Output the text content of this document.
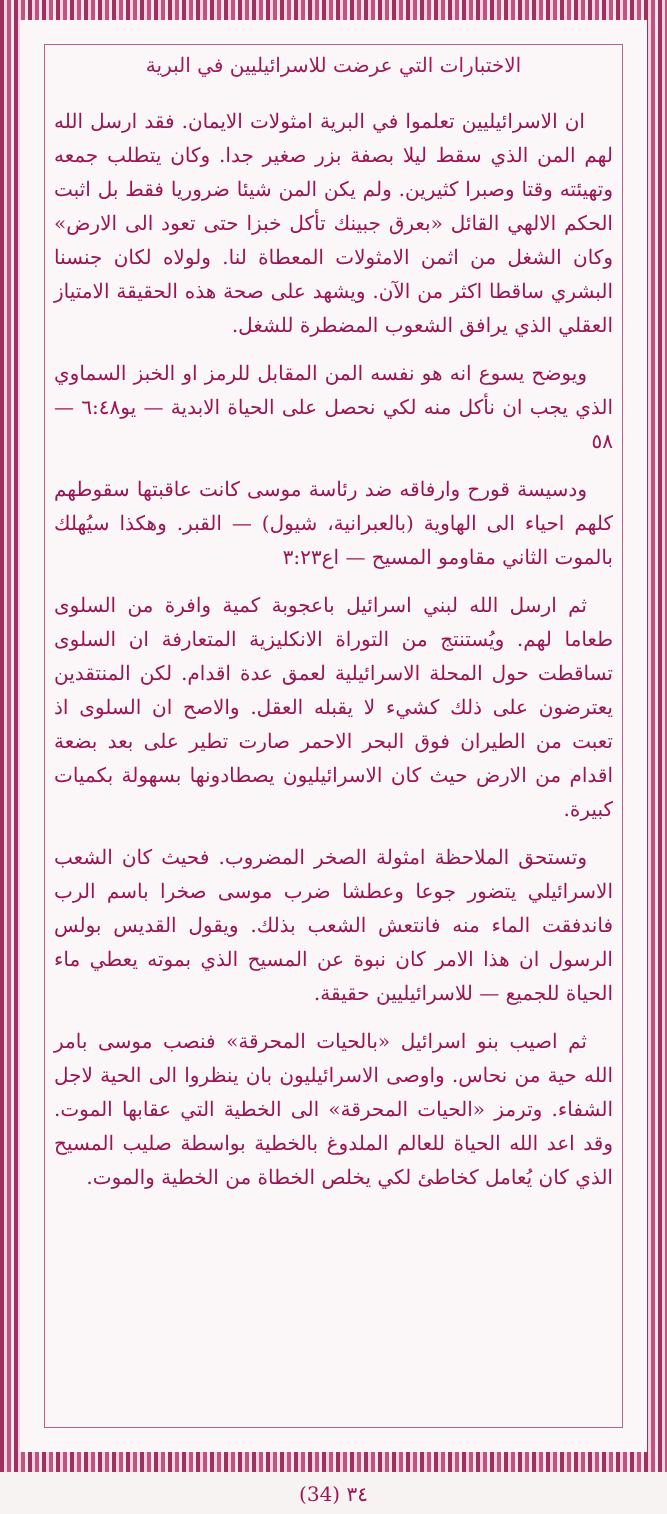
الاختبارات التي عرضت للاسرائيليين في البرية

ان الاسرائيليين تعلموا في البرية امثولات الايمان. فقد ارسل الله لهم المن الذي سقط ليلا بصفة بزر صغير جدا. وكان يتطلب جمعه وتهيئته وقتا وصبرا كثيرين. ولم يكن المن شيئا ضروريا فقط بل اثبت الحكم الالهي القائل «بعرق جبينك تأكل خبزا حتى تعود الى الارض» وكان الشغل من اثمن الامثولات المعطاة لنا. ولولاه لكان جنسنا البشري ساقطا اكثر من الآن. ويشهد على صحة هذه الحقيقة الامتياز العقلي الذي يرافق الشعوب المضطرة للشغل.

ويوضح يسوع انه هو نفسه المن المقابل للرمز او الخبز السماوي الذي يجب ان نأكل منه لكي نحصل على الحياة الابدية — يو٦:٤٨ — ٥٨

ودسيسة قورح وارفاقه ضد رئاسة موسى كانت عاقبتها سقوطهم كلهم احياء الى الهاوية (بالعبرانية، شيول) — القبر. وهكذا سيُهلك بالموت الثاني مقاومو المسيح — اع٣:٢٣

ثم ارسل الله لبني اسرائيل باعجوبة كمية وافرة من السلوى طعاما لهم. ويُستنتج من التوراة الانكليزية المتعارفة ان السلوى تساقطت حول المحلة الاسرائيلية لعمق عدة اقدام. لكن المنتقدين يعترضون على ذلك كشيء لا يقبله العقل. والاصح ان السلوى اذ تعبت من الطيران فوق البحر الاحمر صارت تطير على بعد بضعة اقدام من الارض حيث كان الاسرائيليون يصطادونها بسهولة بكميات كبيرة.

وتستحق الملاحظة امثولة الصخر المضروب. فحيث كان الشعب الاسرائيلي يتضور جوعا وعطشا ضرب موسى صخرا باسم الرب فاندفقت الماء منه فانتعش الشعب بذلك. ويقول القديس بولس الرسول ان هذا الامر كان نبوة عن المسيح الذي بموته يعطي ماء الحياة للجميع — للاسرائيليين حقيقة.

ثم اصيب بنو اسرائيل «بالحيات المحرقة» فنصب موسى بامر الله حية من نحاس. واوصى الاسرائيليون بان ينظروا الى الحية لاجل الشفاء. وترمز «الحيات المحرقة» الى الخطية التي عقابها الموت. وقد اعد الله الحياة للعالم الملدوغ بالخطية بواسطة صليب المسيح الذي كان يُعامل كخاطئ لكي يخلص الخطاة من الخطية والموت.

(34) ٣٤
